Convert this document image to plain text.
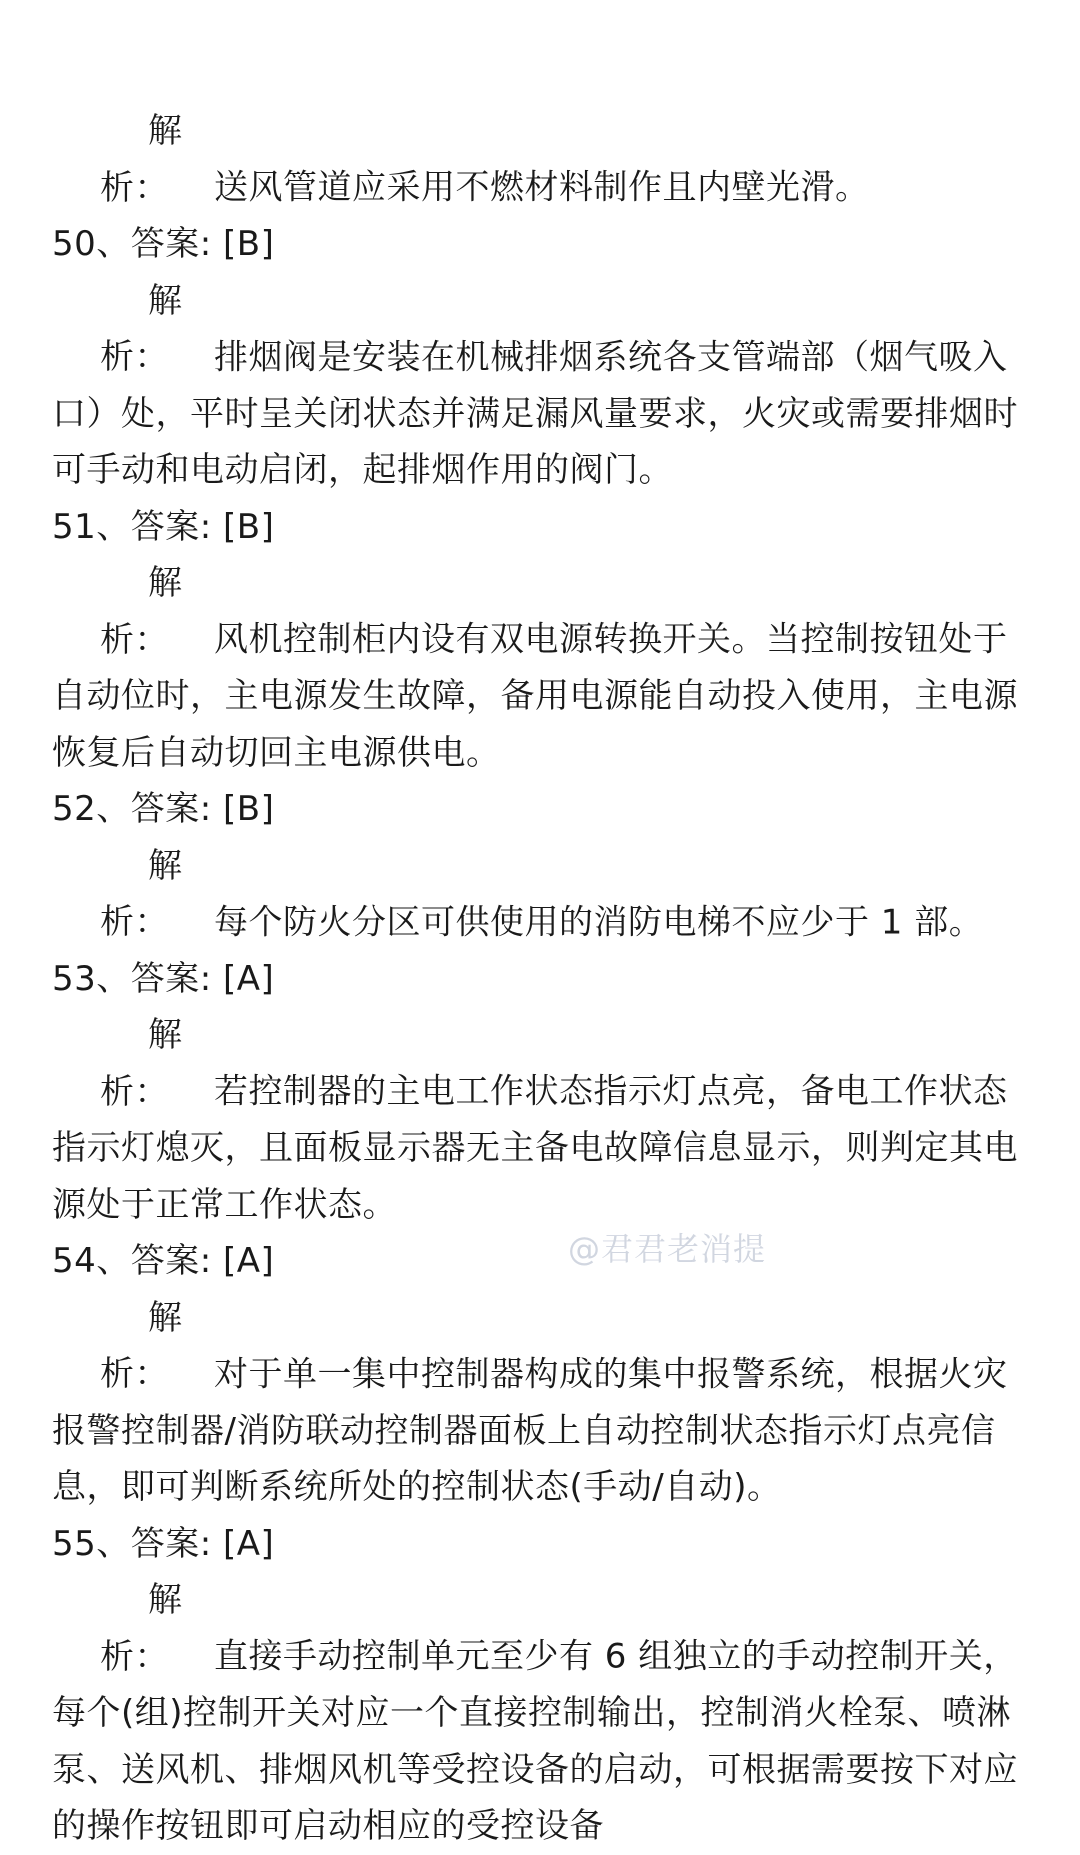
解析： 送风管道应采用不燃材料制作且内壁光滑。
50、答案: [B]
解析： 排烟阀是安装在机械排烟系统各支管端部（烟气吸入口）处，平时呈关闭状态并满足漏风量要求，火灾或需要排烟时可手动和电动启闭，起排烟作用的阀门。
51、答案: [B]
解析： 风机控制柜内设有双电源转换开关。当控制按钮处于自动位时，主电源发生故障，备用电源能自动投入使用，主电源恢复后自动切回主电源供电。
52、答案: [B]
解析： 每个防火分区可供使用的消防电梯不应少于 1 部。
53、答案: [A]
解析： 若控制器的主电工作状态指示灯点亮，备电工作状态指示灯熄灭，且面板显示器无主备电故障信息显示，则判定其电源处于正常工作状态。
54、答案: [A]
解析： 对于单一集中控制器构成的集中报警系统，根据火灾报警控制器/消防联动控制器面板上自动控制状态指示灯点亮信息，即可判断系统所处的控制状态(手动/自动)。
55、答案: [A]
解析： 直接手动控制单元至少有 6 组独立的手动控制开关，每个(组)控制开关对应一个直接控制输出，控制消火栓泵、喷淋泵、送风机、排烟风机等受控设备的启动，可根据需要按下对应的操作按钮即可启动相应的受控设备
@君君老消提
